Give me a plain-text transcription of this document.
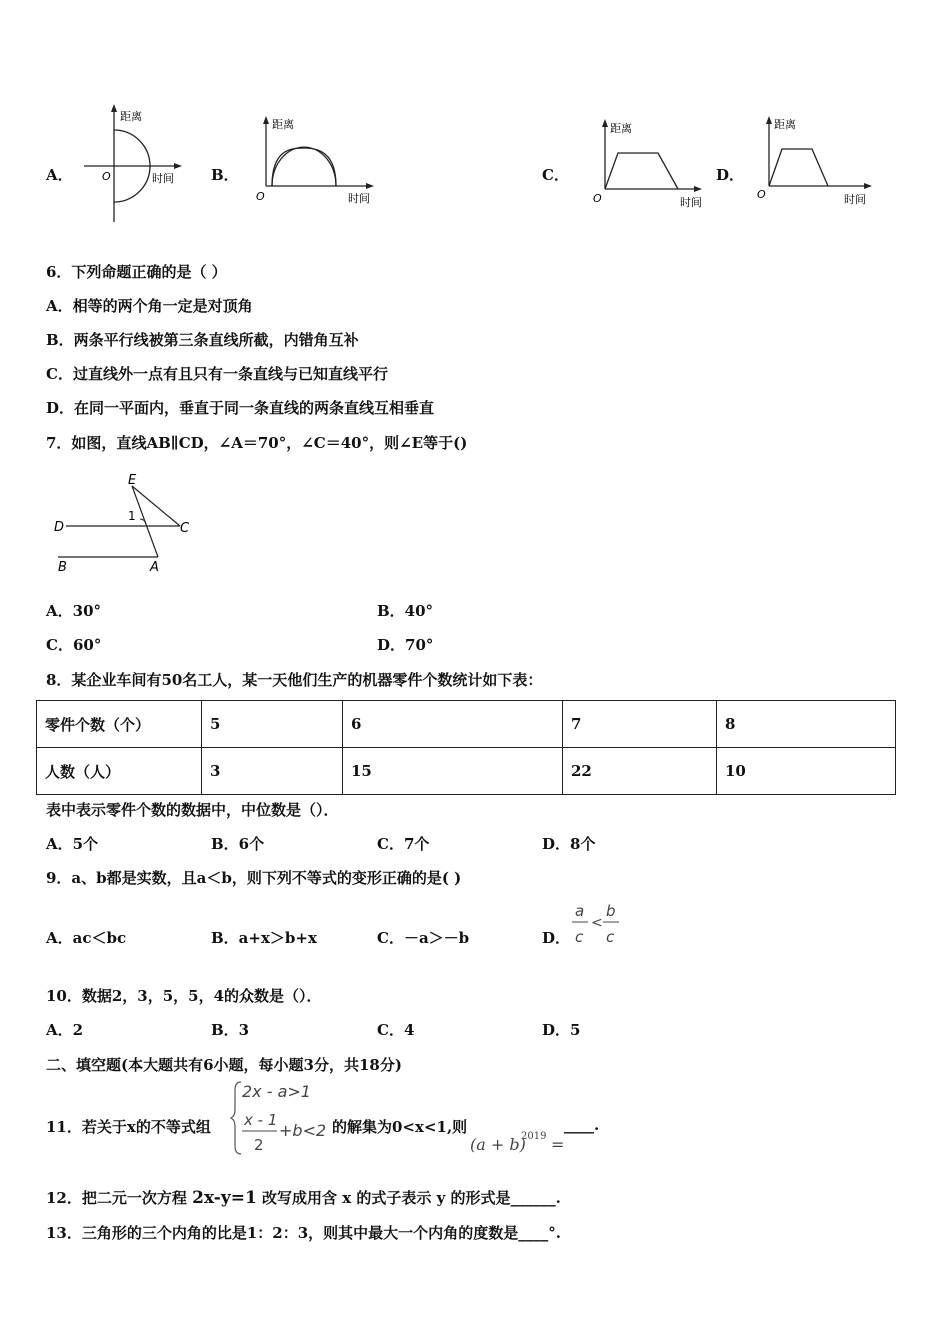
A．	B．	C．	D．
距离
时间
O
距离
时间
O
距离
时间
O
距离
时间
O
6．下列命题正确的是（ ）
A．相等的两个角一定是对顶角
B．两条平行线被第三条直线所截，内错角互补
C．过直线外一点有且只有一条直线与已知直线平行
D．在同一平面内，垂直于同一条直线的两条直线互相垂直
7．如图，直线AB∥CD，∠A＝70°，∠C＝40°，则∠E等于()
E
D	C
B	A
1
A．30°	B．40°
C．60°	D．70°
8．某企业车间有50名工人，某一天他们生产的机器零件个数统计如下表：
零件个数（个）	5	6	7	8
人数（人）	3	15	22	10
表中表示零件个数的数据中，中位数是（）．
A．5个	B．6个	C．7个	D．8个
9．a、b都是实数，且a＜b，则下列不等式的变形正确的是( )
A．ac＜bc	B．a+x＞b+x	C．－a＞－b	D．
a
c
<
b
c
10．数据2，3，5，5，4的众数是（）．
A．2	B．3	C．4	D．5
二、填空题(本大题共有6小题，每小题3分，共18分)
11．若关于x的不等式组
2x - a>1
x - 1
2
+b<2 的解集为0<x<1,则
(a + b)
2019 =
____.
12．把二元一次方程 2x-y=1 改写成用含 x 的式子表示 y 的形式是______.
13．三角形的三个内角的比是1：2：3，则其中最大一个内角的度数是____°.
